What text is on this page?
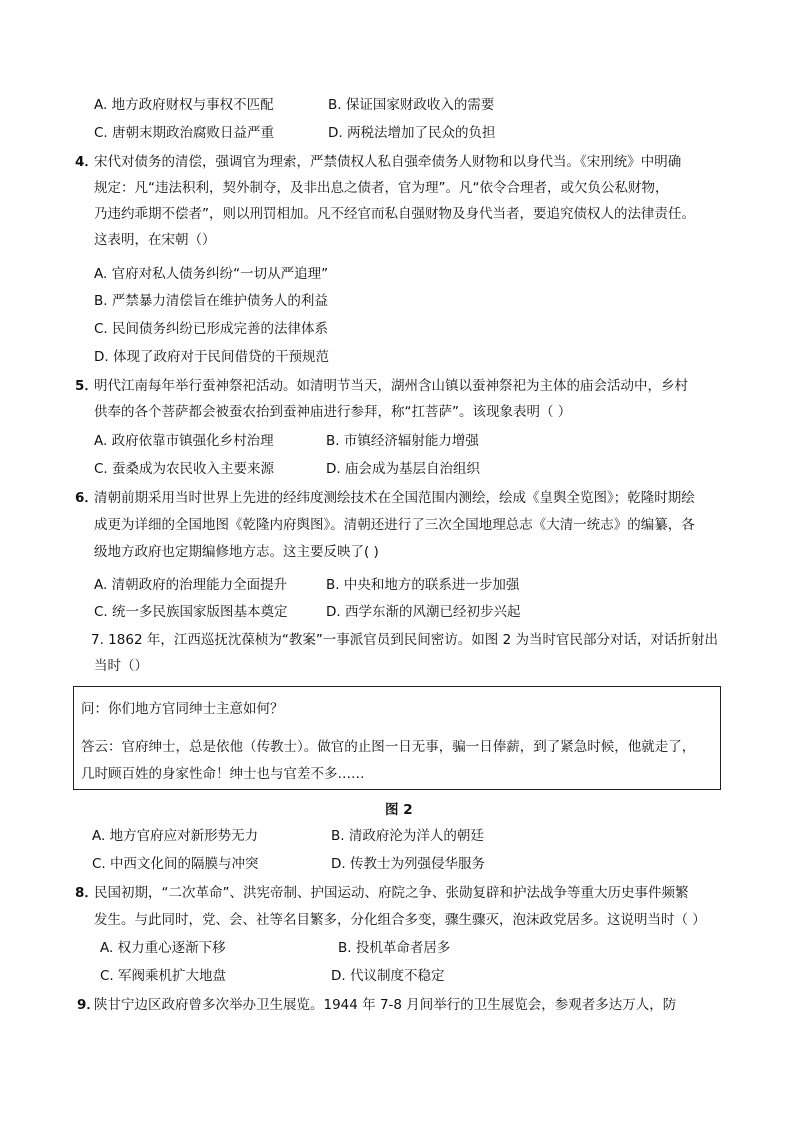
A. 地方政府财权与事权不匹配	B. 保证国家财政收入的需要
C. 唐朝末期政治腐败日益严重	D. 两税法增加了民众的负担
4．
宋代对债务的清偿，强调官为理索，严禁债权人私自强牵债务人财物和以身代当。《宋刑统》中明确
规定：凡“违法积利，契外制夺，及非出息之债者，官为理”。凡“依令合理者，或欠负公私财物，
乃违约乖期不偿者”，则以刑罚相加。凡不经官而私自强财物及身代当者，要追究债权人的法律责任。
这表明，在宋朝（）
A. 官府对私人债务纠纷“一切从严追理”
B. 严禁暴力清偿旨在维护债务人的利益
C. 民间债务纠纷已形成完善的法律体系
D. 体现了政府对于民间借贷的干预规范
5．
明代江南每年举行蚕神祭祀活动。如清明节当天，湖州含山镇以蚕神祭祀为主体的庙会活动中，乡村
供奉的各个菩萨都会被蚕农抬到蚕神庙进行参拜，称“扛菩萨”。该现象表明（ ）
A. 政府依靠市镇强化乡村治理	B. 市镇经济辐射能力增强
C. 蚕桑成为农民收入主要来源	D. 庙会成为基层自治组织
6．
清朝前期采用当时世界上先进的经纬度测绘技术在全国范围内测绘，绘成《皇舆全览图》；乾隆时期绘
成更为详细的全国地图《乾隆内府舆图》。清朝还进行了三次全国地理总志《大清一统志》的编纂，各
级地方政府也定期编修地方志。这主要反映了( )
A. 清朝政府的治理能力全面提升	B. 中央和地方的联系进一步加强
C. 统一多民族国家版图基本奠定	D. 西学东渐的风潮已经初步兴起
7. 1862 年，江西巡抚沈葆桢为“教案”一事派官员到民间密访。如图 2 为当时官民部分对话，对话折射出
当时（）
问：你们地方官同绅士主意如何？
答云：官府绅士，总是依他（传教士）。做官的止图一日无事，骗一日俸薪，到了紧急时候，他就走了，
几时顾百姓的身家性命！绅士也与官差不多……
图 2
A. 地方官府应对新形势无力	B. 清政府沦为洋人的朝廷
C. 中西文化间的隔膜与冲突	D. 传教士为列强侵华服务
8．
民国初期，“二次革命”、洪宪帝制、护国运动、府院之争、张勋复辟和护法战争等重大历史事件频繁
发生。与此同时，党、会、社等名目繁多，分化组合多变，骤生骤灭，泡沫政党居多。这说明当时（ ）
A. 权力重心逐渐下移	B. 投机革命者居多
C. 军阀乘机扩大地盘	D. 代议制度不稳定
9．
陕甘宁边区政府曾多次举办卫生展览。1944 年 7-8 月间举行的卫生展览会，参观者多达万人，防
